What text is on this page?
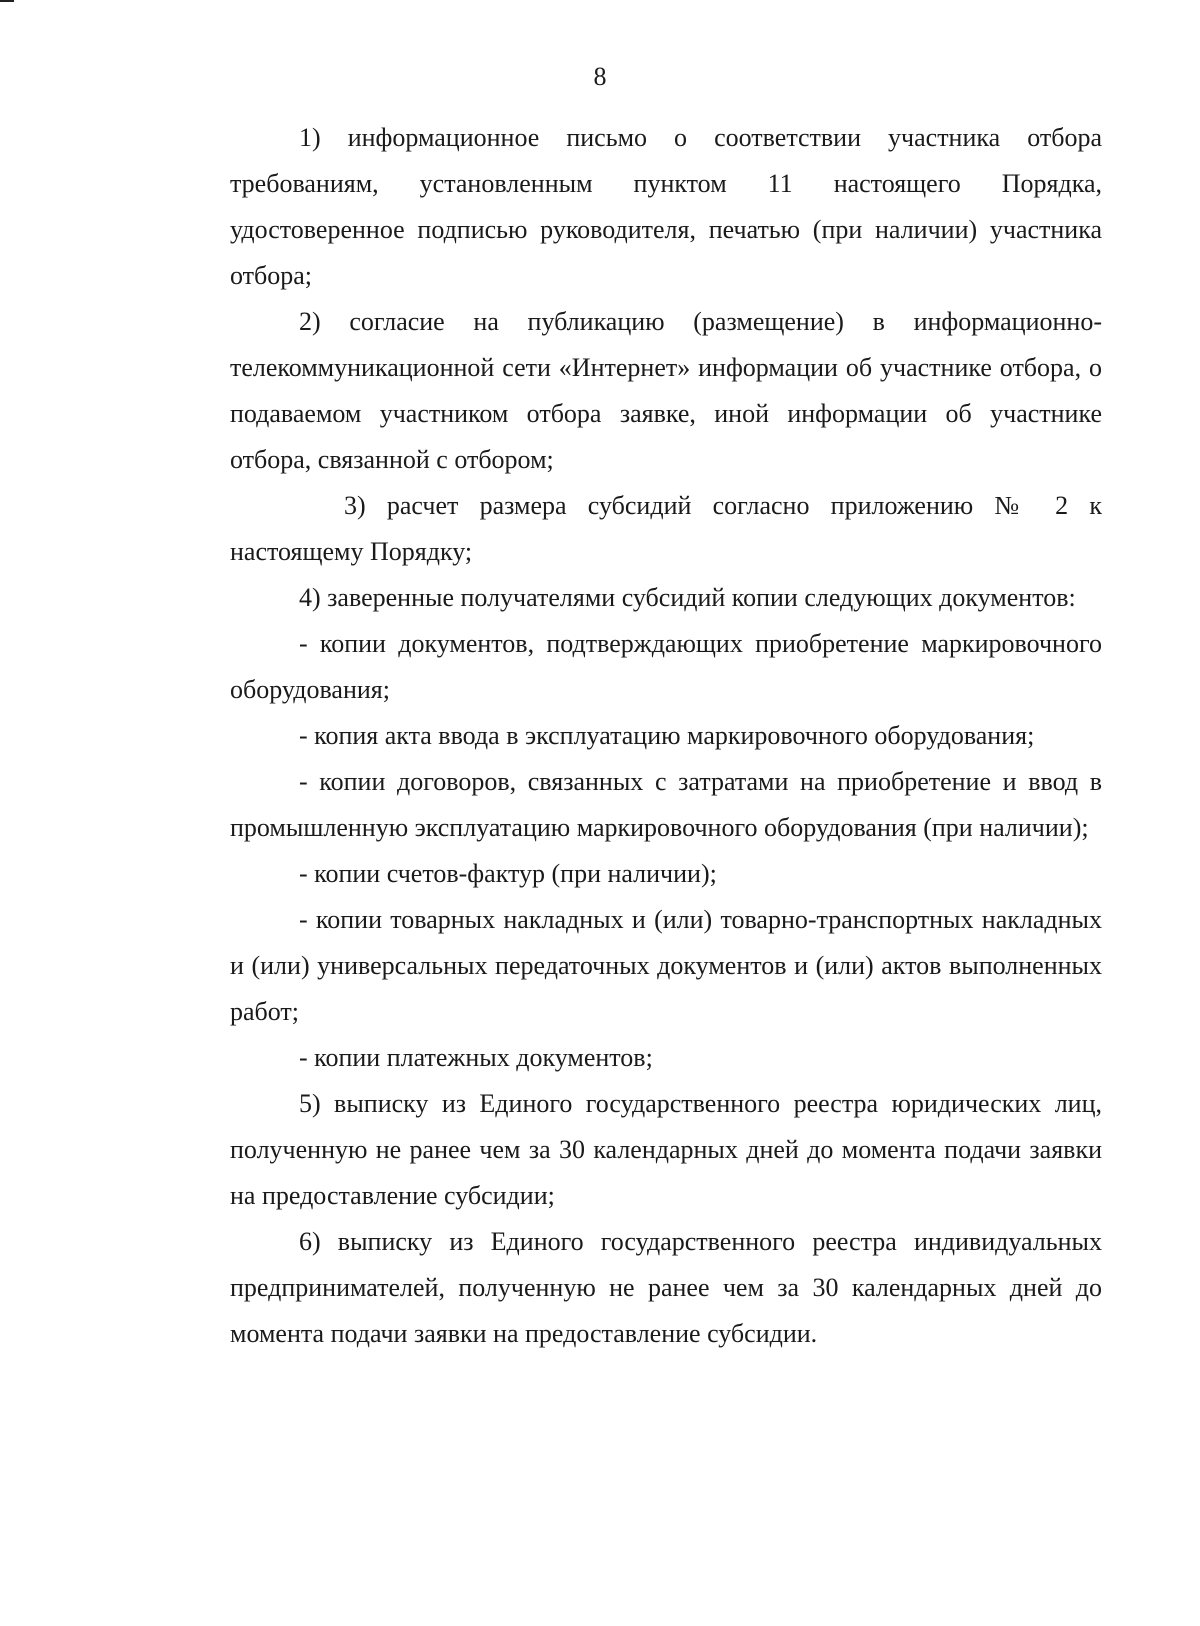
8

1) информационное письмо о соответствии участника отбора требованиям, установленным пунктом 11 настоящего Порядка, удостоверенное подписью руководителя, печатью (при наличии) участника отбора;

2) согласие на публикацию (размещение) в информационно-телекоммуникационной сети «Интернет» информации об участнике отбора, о подаваемом участником отбора заявке, иной информации об участнике отбора, связанной с отбором;

3) расчет размера субсидий согласно приложению № 2 к настоящему Порядку;

4) заверенные получателями субсидий копии следующих документов:

- копии документов, подтверждающих приобретение маркировочного оборудования;

- копия акта ввода в эксплуатацию маркировочного оборудования;

- копии договоров, связанных с затратами на приобретение и ввод в промышленную эксплуатацию маркировочного оборудования (при наличии);

- копии счетов-фактур (при наличии);

- копии товарных накладных и (или) товарно-транспортных накладных и (или) универсальных передаточных документов и (или) актов выполненных работ;

- копии платежных документов;

5) выписку из Единого государственного реестра юридических лиц, полученную не ранее чем за 30 календарных дней до момента подачи заявки на предоставление субсидии;

6) выписку из Единого государственного реестра индивидуальных предпринимателей, полученную не ранее чем за 30 календарных дней до момента подачи заявки на предоставление субсидии.
